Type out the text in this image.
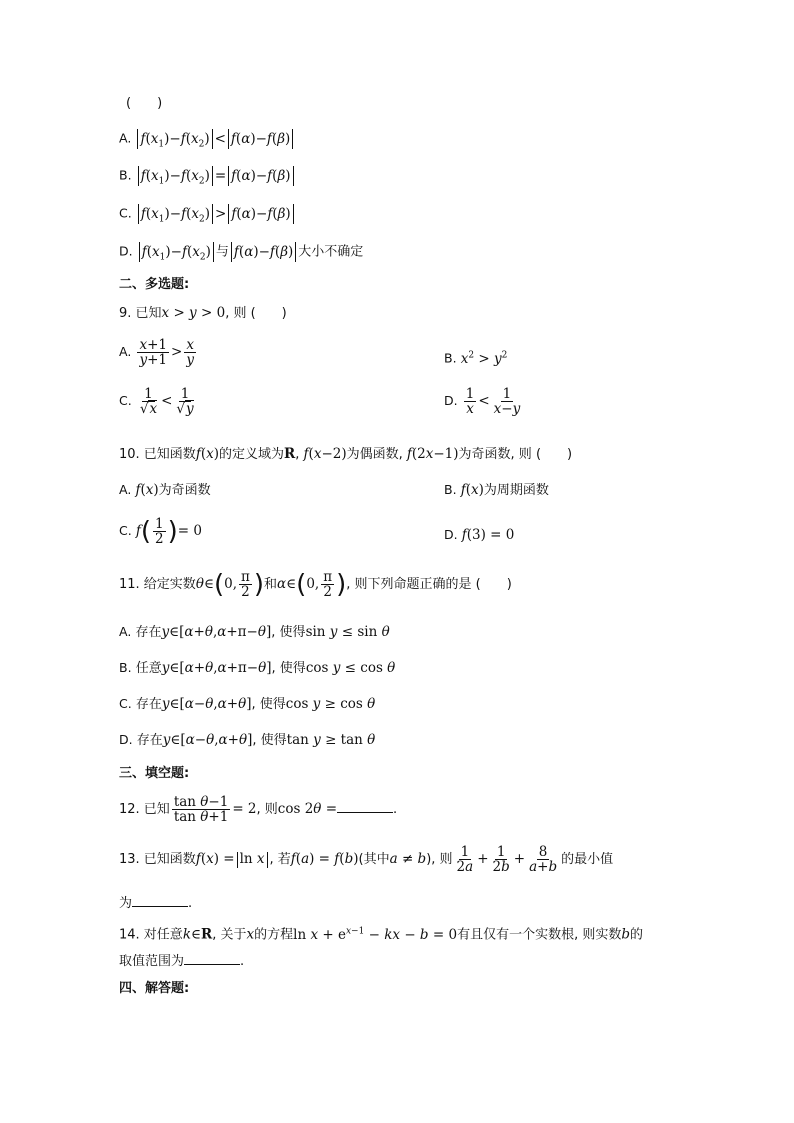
(　　)
A. $f(x_1)-f(x_2) < f(\alpha)-f(\beta)$
B. $f(x_1)-f(x_2) = f(\alpha)-f(\beta)$
C. $f(x_1)-f(x_2) > f(\alpha)-f(\beta)$
D. $f(x_1)-f(x_2)$ 与 f(α)−f(β) 大小不确定
二、多选题:
9. 已知x > y > 0, 则 (　　)
A. $\frac{x+1}{y+1} > \frac{x}{y}$	B. $x^2 > y^2$
C. $\frac{1}{√x} < \frac{1}{√y}$	D. $\frac{1}{x} < \frac{1}{x-y}$
10. 已知函数f(x)的定义域为R, f(x−2)为偶函数, f(2x−1)为奇函数, 则 (　　)
A. f(x)为奇函数	B. f(x)为周期函数
C. $f( \frac{1}{2}$ )= 0	D. f(3) = 0
11. 给定实数θ∈(0, $\frac{\pi}{2}$ )和α∈(0, $\frac{\pi}{2}$ ), 则下列命题正确的是 (　　)
A. 存在y∈[α+θ,α+π−θ], 使得sin y ≤ sin θ
B. 任意y∈[α+θ,α+π−θ], 使得cos y ≤ cos θ
C. 存在y∈[α−θ,α+θ], 使得cos y ≥ cos θ
D. 存在y∈[α−θ,α+θ], 使得tan y ≥ tan θ
三、填空题:
12. 已知 $\frac{\text{tan θ−1}}{\text{tan θ+1}} = 2$, 则cos 2θ =	.
13. 已知函数f(x) = ln x , 若f(a) = f(b)(其中a ≠ b), 则 $\frac{1}{2a} + \frac{1}{2b} + \frac{8}{a+b}$ 的最小值
为	.
14. 对任意k∈R, 关于x的方程$\ln x + e^{x-1}$ − kx − b = 0有且仅有一个实数根, 则实数b的
取值范围为	.
四、解答题:
